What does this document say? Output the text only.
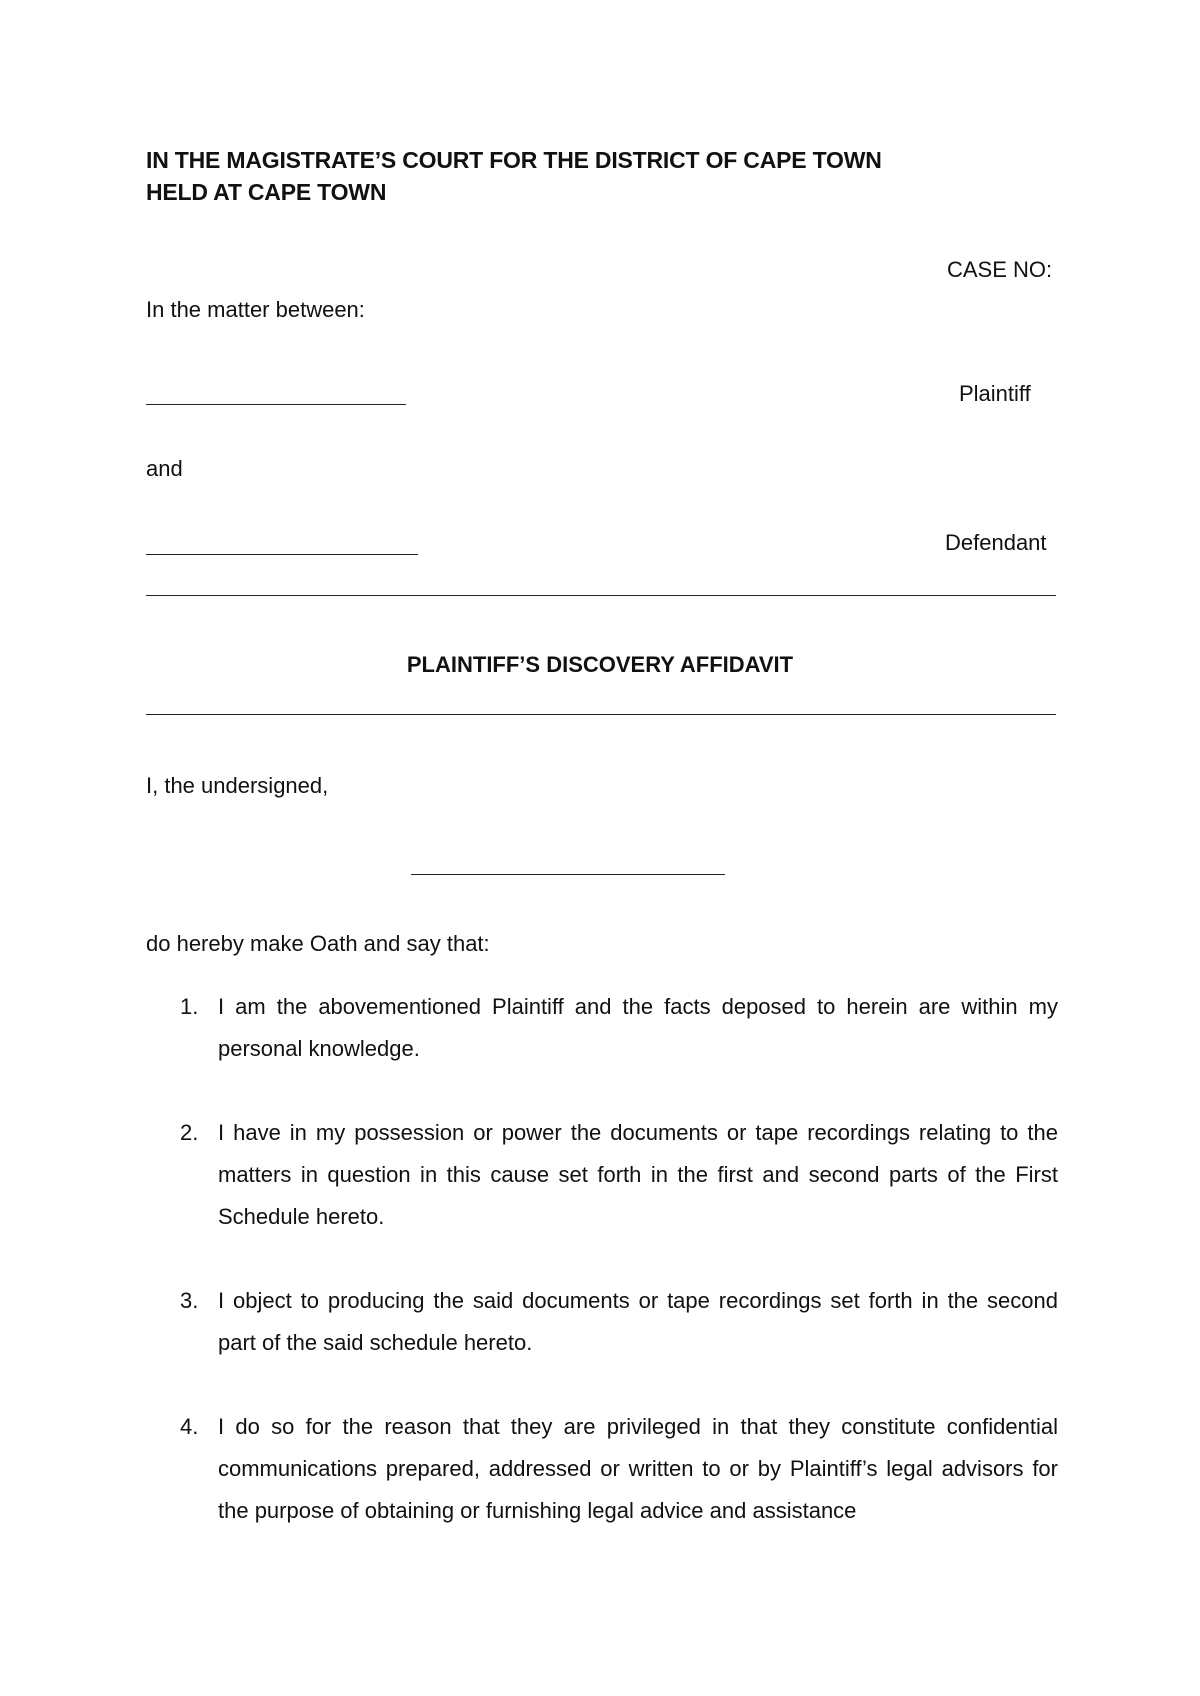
IN THE MAGISTRATE’S COURT FOR THE DISTRICT OF CAPE TOWN
HELD AT CAPE TOWN
CASE NO:
In the matter between:
Plaintiff
and
Defendant
PLAINTIFF’S DISCOVERY AFFIDAVIT
I, the undersigned,
do hereby make Oath and say that:
1. I am the abovementioned Plaintiff and the facts deposed to herein are within my personal knowledge.
2. I have in my possession or power the documents or tape recordings relating to the matters in question in this cause set forth in the first and second parts of the First Schedule hereto.
3. I object to producing the said documents or tape recordings set forth in the second part of the said schedule hereto.
4. I do so for the reason that they are privileged in that they constitute confidential communications prepared, addressed or written to or by Plaintiff’s legal advisors for the purpose of obtaining or furnishing legal advice and assistance
